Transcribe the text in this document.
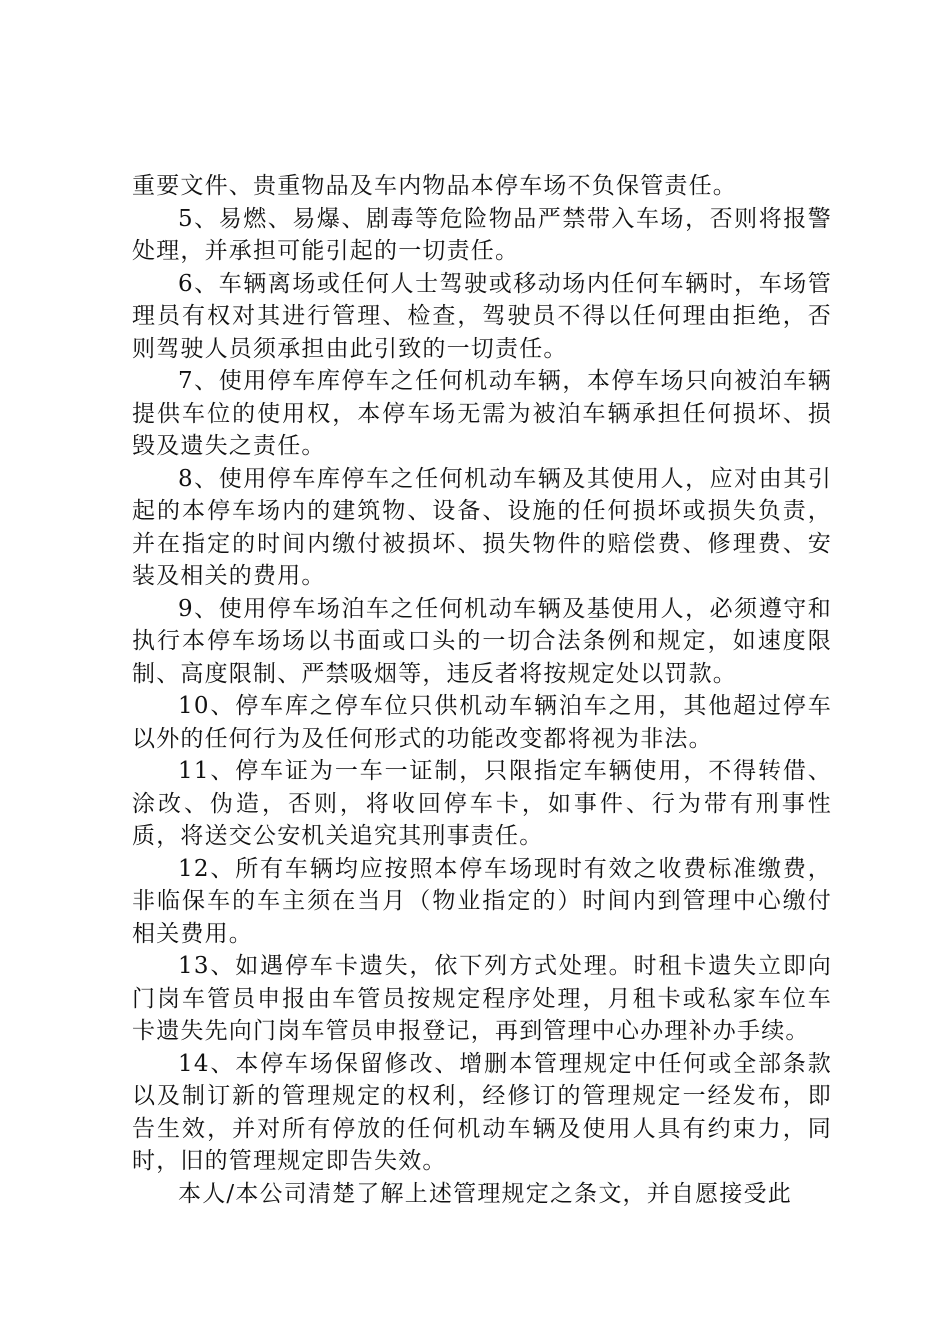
重要文件、贵重物品及车内物品本停车场不负保管责任。

5、易燃、易爆、剧毒等危险物品严禁带入车场，否则将报警处理，并承担可能引起的一切责任。

6、车辆离场或任何人士驾驶或移动场内任何车辆时，车场管理员有权对其进行管理、检查，驾驶员不得以任何理由拒绝，否则驾驶人员须承担由此引致的一切责任。

7、使用停车库停车之任何机动车辆，本停车场只向被泊车辆提供车位的使用权，本停车场无需为被泊车辆承担任何损坏、损毁及遗失之责任。

8、使用停车库停车之任何机动车辆及其使用人，应对由其引起的本停车场内的建筑物、设备、设施的任何损坏或损失负责，并在指定的时间内缴付被损坏、损失物件的赔偿费、修理费、安装及相关的费用。

9、使用停车场泊车之任何机动车辆及基使用人，必须遵守和执行本停车场场以书面或口头的一切合法条例和规定，如速度限制、高度限制、严禁吸烟等，违反者将按规定处以罚款。

10、停车库之停车位只供机动车辆泊车之用，其他超过停车以外的任何行为及任何形式的功能改变都将视为非法。

11、停车证为一车一证制，只限指定车辆使用，不得转借、涂改、伪造，否则，将收回停车卡，如事件、行为带有刑事性质，将送交公安机关追究其刑事责任。

12、所有车辆均应按照本停车场现时有效之收费标准缴费，非临保车的车主须在当月（物业指定的）时间内到管理中心缴付相关费用。

13、如遇停车卡遗失，依下列方式处理。时租卡遗失立即向门岗车管员申报由车管员按规定程序处理，月租卡或私家车位车卡遗失先向门岗车管员申报登记，再到管理中心办理补办手续。

14、本停车场保留修改、增删本管理规定中任何或全部条款以及制订新的管理规定的权利，经修订的管理规定一经发布，即告生效，并对所有停放的任何机动车辆及使用人具有约束力，同时，旧的管理规定即告失效。

本人/本公司清楚了解上述管理规定之条文，并自愿接受此
